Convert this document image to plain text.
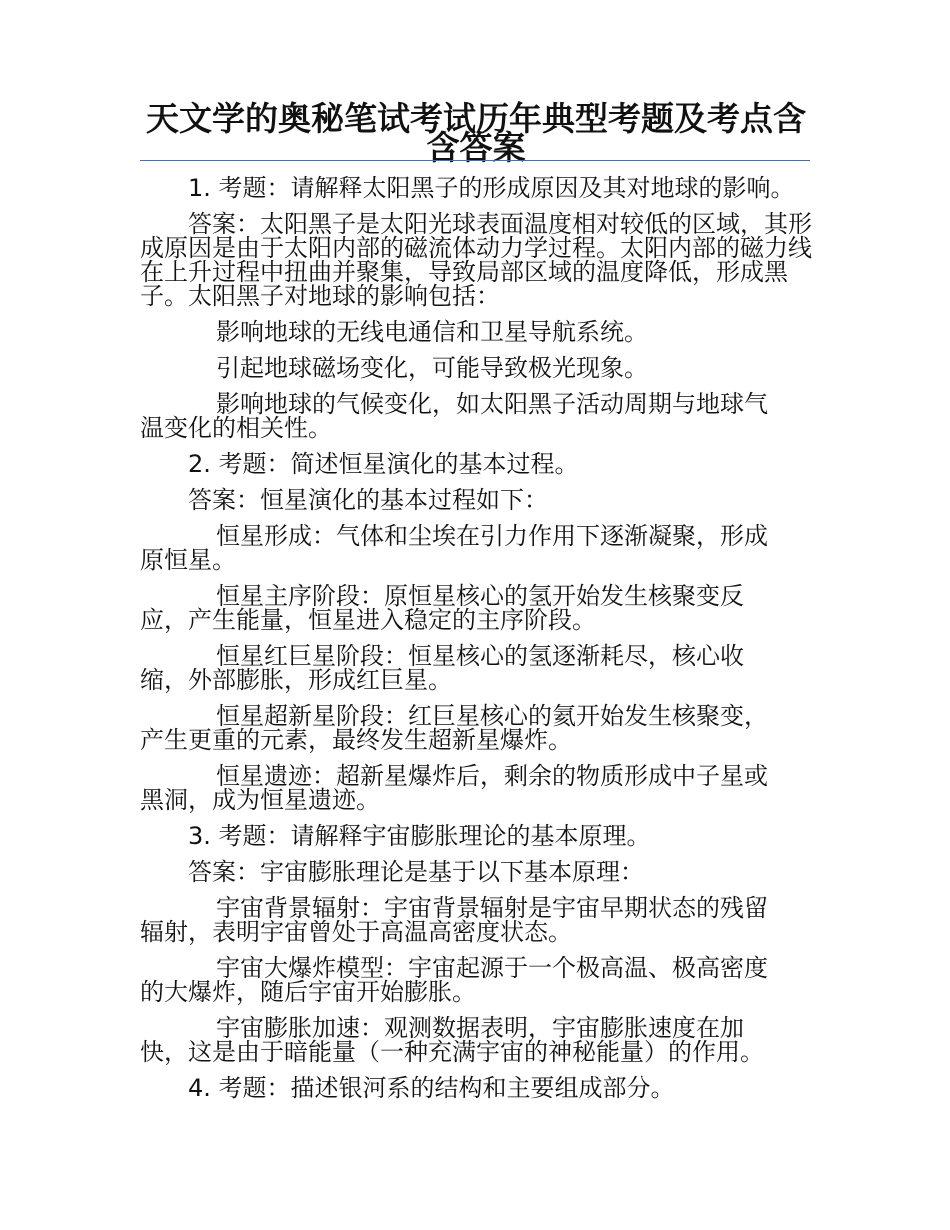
天文学的奥秘笔试考试历年典型考题及考点含含答案

1. 考题：请解释太阳黑子的形成原因及其对地球的影响。

答案：太阳黑子是太阳光球表面温度相对较低的区域，其形成原因是由于太阳内部的磁流体动力学过程。太阳内部的磁力线在上升过程中扭曲并聚集，导致局部区域的温度降低，形成黑子。太阳黑子对地球的影响包括：

影响地球的无线电通信和卫星导航系统。

引起地球磁场变化，可能导致极光现象。

影响地球的气候变化，如太阳黑子活动周期与地球气温变化的相关性。

2. 考题：简述恒星演化的基本过程。

答案：恒星演化的基本过程如下：

恒星形成：气体和尘埃在引力作用下逐渐凝聚，形成原恒星。

恒星主序阶段：原恒星核心的氢开始发生核聚变反应，产生能量，恒星进入稳定的主序阶段。

恒星红巨星阶段：恒星核心的氢逐渐耗尽，核心收缩，外部膨胀，形成红巨星。

恒星超新星阶段：红巨星核心的氦开始发生核聚变，产生更重的元素，最终发生超新星爆炸。

恒星遗迹：超新星爆炸后，剩余的物质形成中子星或黑洞，成为恒星遗迹。

3. 考题：请解释宇宙膨胀理论的基本原理。

答案：宇宙膨胀理论是基于以下基本原理：

宇宙背景辐射：宇宙背景辐射是宇宙早期状态的残留辐射，表明宇宙曾处于高温高密度状态。

宇宙大爆炸模型：宇宙起源于一个极高温、极高密度的大爆炸，随后宇宙开始膨胀。

宇宙膨胀加速：观测数据表明，宇宙膨胀速度在加快，这是由于暗能量（一种充满宇宙的神秘能量）的作用。

4. 考题：描述银河系的结构和主要组成部分。
